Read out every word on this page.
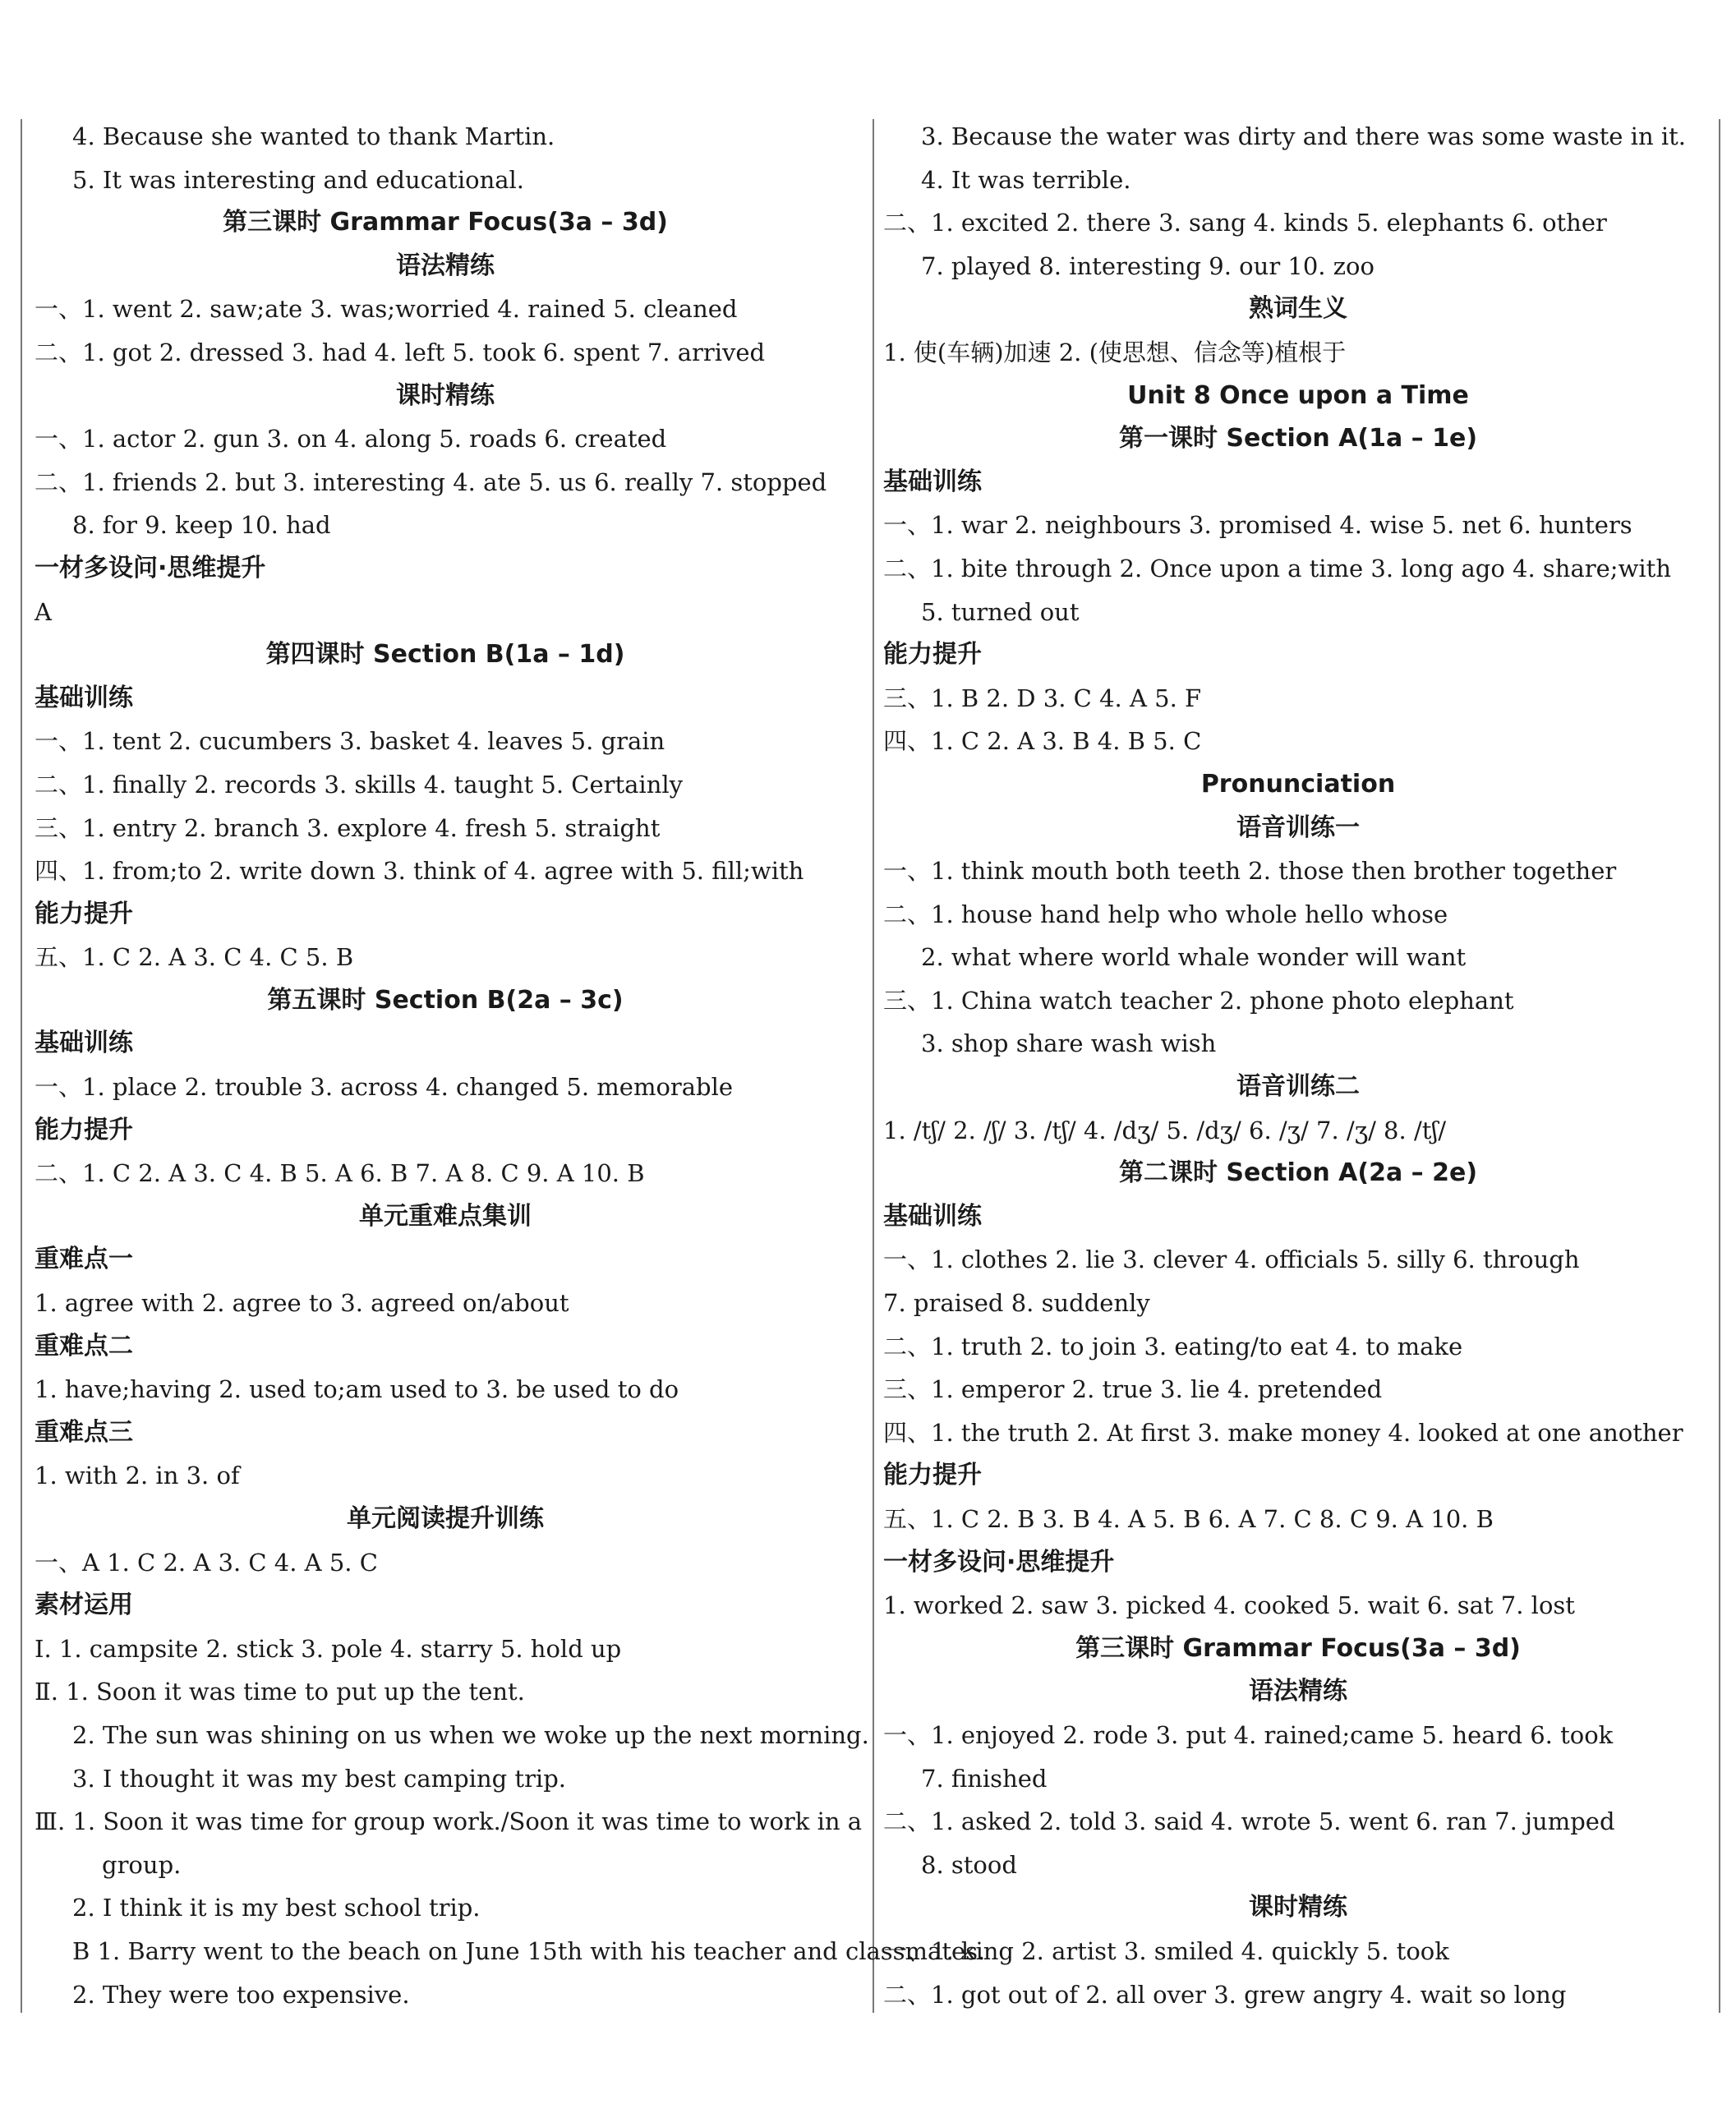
4. Because she wanted to thank Martin.
5. It was interesting and educational.
第三课时 Grammar Focus(3a – 3d)
语法精练
一、1. went 2. saw;ate 3. was;worried 4. rained 5. cleaned
二、1. got 2. dressed 3. had 4. left 5. took 6. spent 7. arrived
课时精练
一、1. actor 2. gun 3. on 4. along 5. roads 6. created
二、1. friends 2. but 3. interesting 4. ate 5. us 6. really 7. stopped
8. for 9. keep 10. had
一材多设问·思维提升
A
第四课时 Section B(1a – 1d)
基础训练
一、1. tent 2. cucumbers 3. basket 4. leaves 5. grain
二、1. finally 2. records 3. skills 4. taught 5. Certainly
三、1. entry 2. branch 3. explore 4. fresh 5. straight
四、1. from;to 2. write down 3. think of 4. agree with 5. fill;with
能力提升
五、1. C 2. A 3. C 4. C 5. B
第五课时 Section B(2a – 3c)
基础训练
一、1. place 2. trouble 3. across 4. changed 5. memorable
能力提升
二、1. C 2. A 3. C 4. B 5. A 6. B 7. A 8. C 9. A 10. B
单元重难点集训
重难点一
1. agree with 2. agree to 3. agreed on/about
重难点二
1. have;having 2. used to;am used to 3. be used to do
重难点三
1. with 2. in 3. of
单元阅读提升训练
一、A 1. C 2. A 3. C 4. A 5. C
素材运用
Ⅰ. 1. campsite 2. stick 3. pole 4. starry 5. hold up
Ⅱ. 1. Soon it was time to put up the tent.
2. The sun was shining on us when we woke up the next morning.
3. I thought it was my best camping trip.
Ⅲ. 1. Soon it was time for group work./Soon it was time to work in a
group.
2. I think it is my best school trip.
B 1. Barry went to the beach on June 15th with his teacher and classmates.
2. They were too expensive.
3. Because the water was dirty and there was some waste in it.
4. It was terrible.
二、1. excited 2. there 3. sang 4. kinds 5. elephants 6. other
7. played 8. interesting 9. our 10. zoo
熟词生义
1. 使(车辆)加速 2. (使思想、信念等)植根于
Unit 8 Once upon a Time
第一课时 Section A(1a – 1e)
基础训练
一、1. war 2. neighbours 3. promised 4. wise 5. net 6. hunters
二、1. bite through 2. Once upon a time 3. long ago 4. share;with
5. turned out
能力提升
三、1. B 2. D 3. C 4. A 5. F
四、1. C 2. A 3. B 4. B 5. C
Pronunciation
语音训练一
一、1. think mouth both teeth 2. those then brother together
二、1. house hand help who whole hello whose
2. what where world whale wonder will want
三、1. China watch teacher 2. phone photo elephant
3. shop share wash wish
语音训练二
1. /tʃ/ 2. /ʃ/ 3. /tʃ/ 4. /dʒ/ 5. /dʒ/ 6. /ʒ/ 7. /ʒ/ 8. /tʃ/
第二课时 Section A(2a – 2e)
基础训练
一、1. clothes 2. lie 3. clever 4. officials 5. silly 6. through
7. praised 8. suddenly
二、1. truth 2. to join 3. eating/to eat 4. to make
三、1. emperor 2. true 3. lie 4. pretended
四、1. the truth 2. At first 3. make money 4. looked at one another
能力提升
五、1. C 2. B 3. B 4. A 5. B 6. A 7. C 8. C 9. A 10. B
一材多设问·思维提升
1. worked 2. saw 3. picked 4. cooked 5. wait 6. sat 7. lost
第三课时 Grammar Focus(3a – 3d)
语法精练
一、1. enjoyed 2. rode 3. put 4. rained;came 5. heard 6. took
7. finished
二、1. asked 2. told 3. said 4. wrote 5. went 6. ran 7. jumped
8. stood
课时精练
一、1. king 2. artist 3. smiled 4. quickly 5. took
二、1. got out of 2. all over 3. grew angry 4. wait so long
